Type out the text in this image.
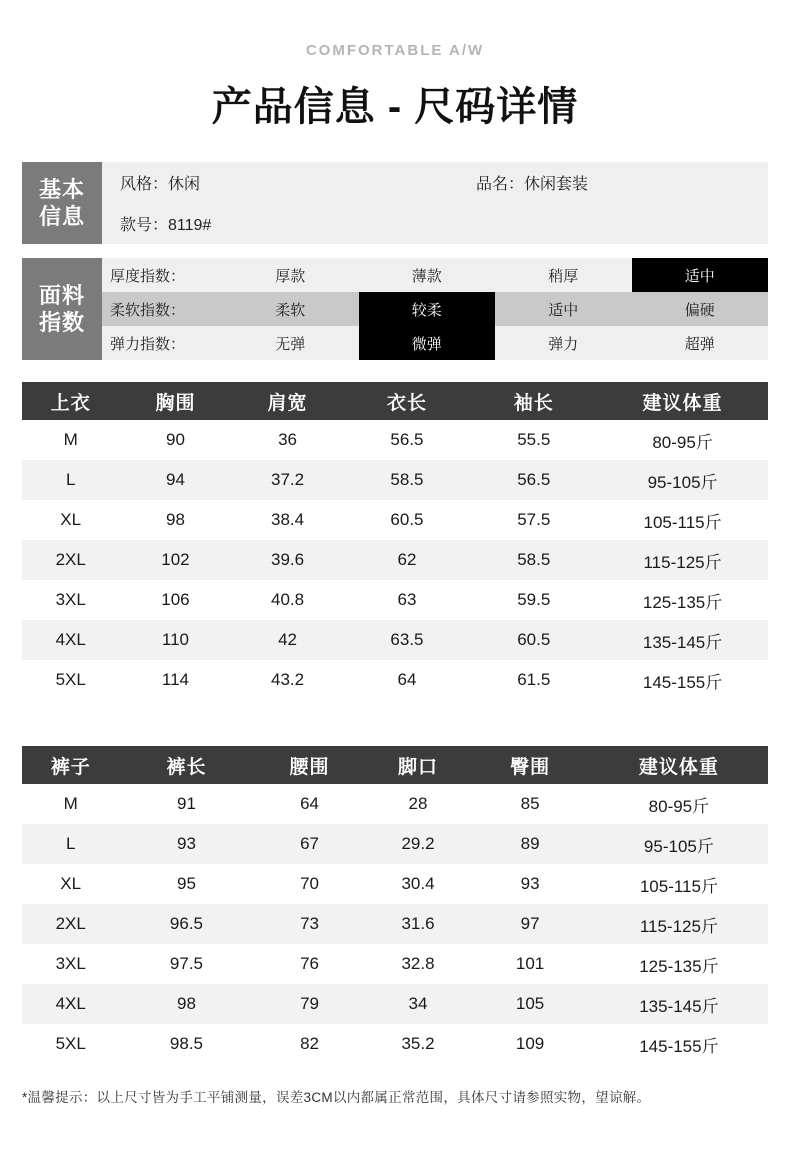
COMFORTABLE A/W
产品信息 - 尺码详情
基本
信息
风格：休闲	品名：休闲套装
款号：8119#
面料
指数
厚度指数：	厚款	薄款	稍厚	适中
柔软指数：	柔软	较柔	适中	偏硬
弹力指数：	无弹	微弹	弹力	超弹
上衣	胸围	肩宽	衣长	袖长	建议体重
M	90	36	56.5	55.5	80-95斤
L	94	37.2	58.5	56.5	95-105斤
XL	98	38.4	60.5	57.5	105-115斤
2XL	102	39.6	62	58.5	115-125斤
3XL	106	40.8	63	59.5	125-135斤
4XL	110	42	63.5	60.5	135-145斤
5XL	114	43.2	64	61.5	145-155斤
裤子	裤长	腰围	脚口	臀围	建议体重
M	91	64	28	85	80-95斤
L	93	67	29.2	89	95-105斤
XL	95	70	30.4	93	105-115斤
2XL	96.5	73	31.6	97	115-125斤
3XL	97.5	76	32.8	101	125-135斤
4XL	98	79	34	105	135-145斤
5XL	98.5	82	35.2	109	145-155斤
*温馨提示：以上尺寸皆为手工平铺测量，误差3CM以内都属正常范围，具体尺寸请参照实物，望谅解。
